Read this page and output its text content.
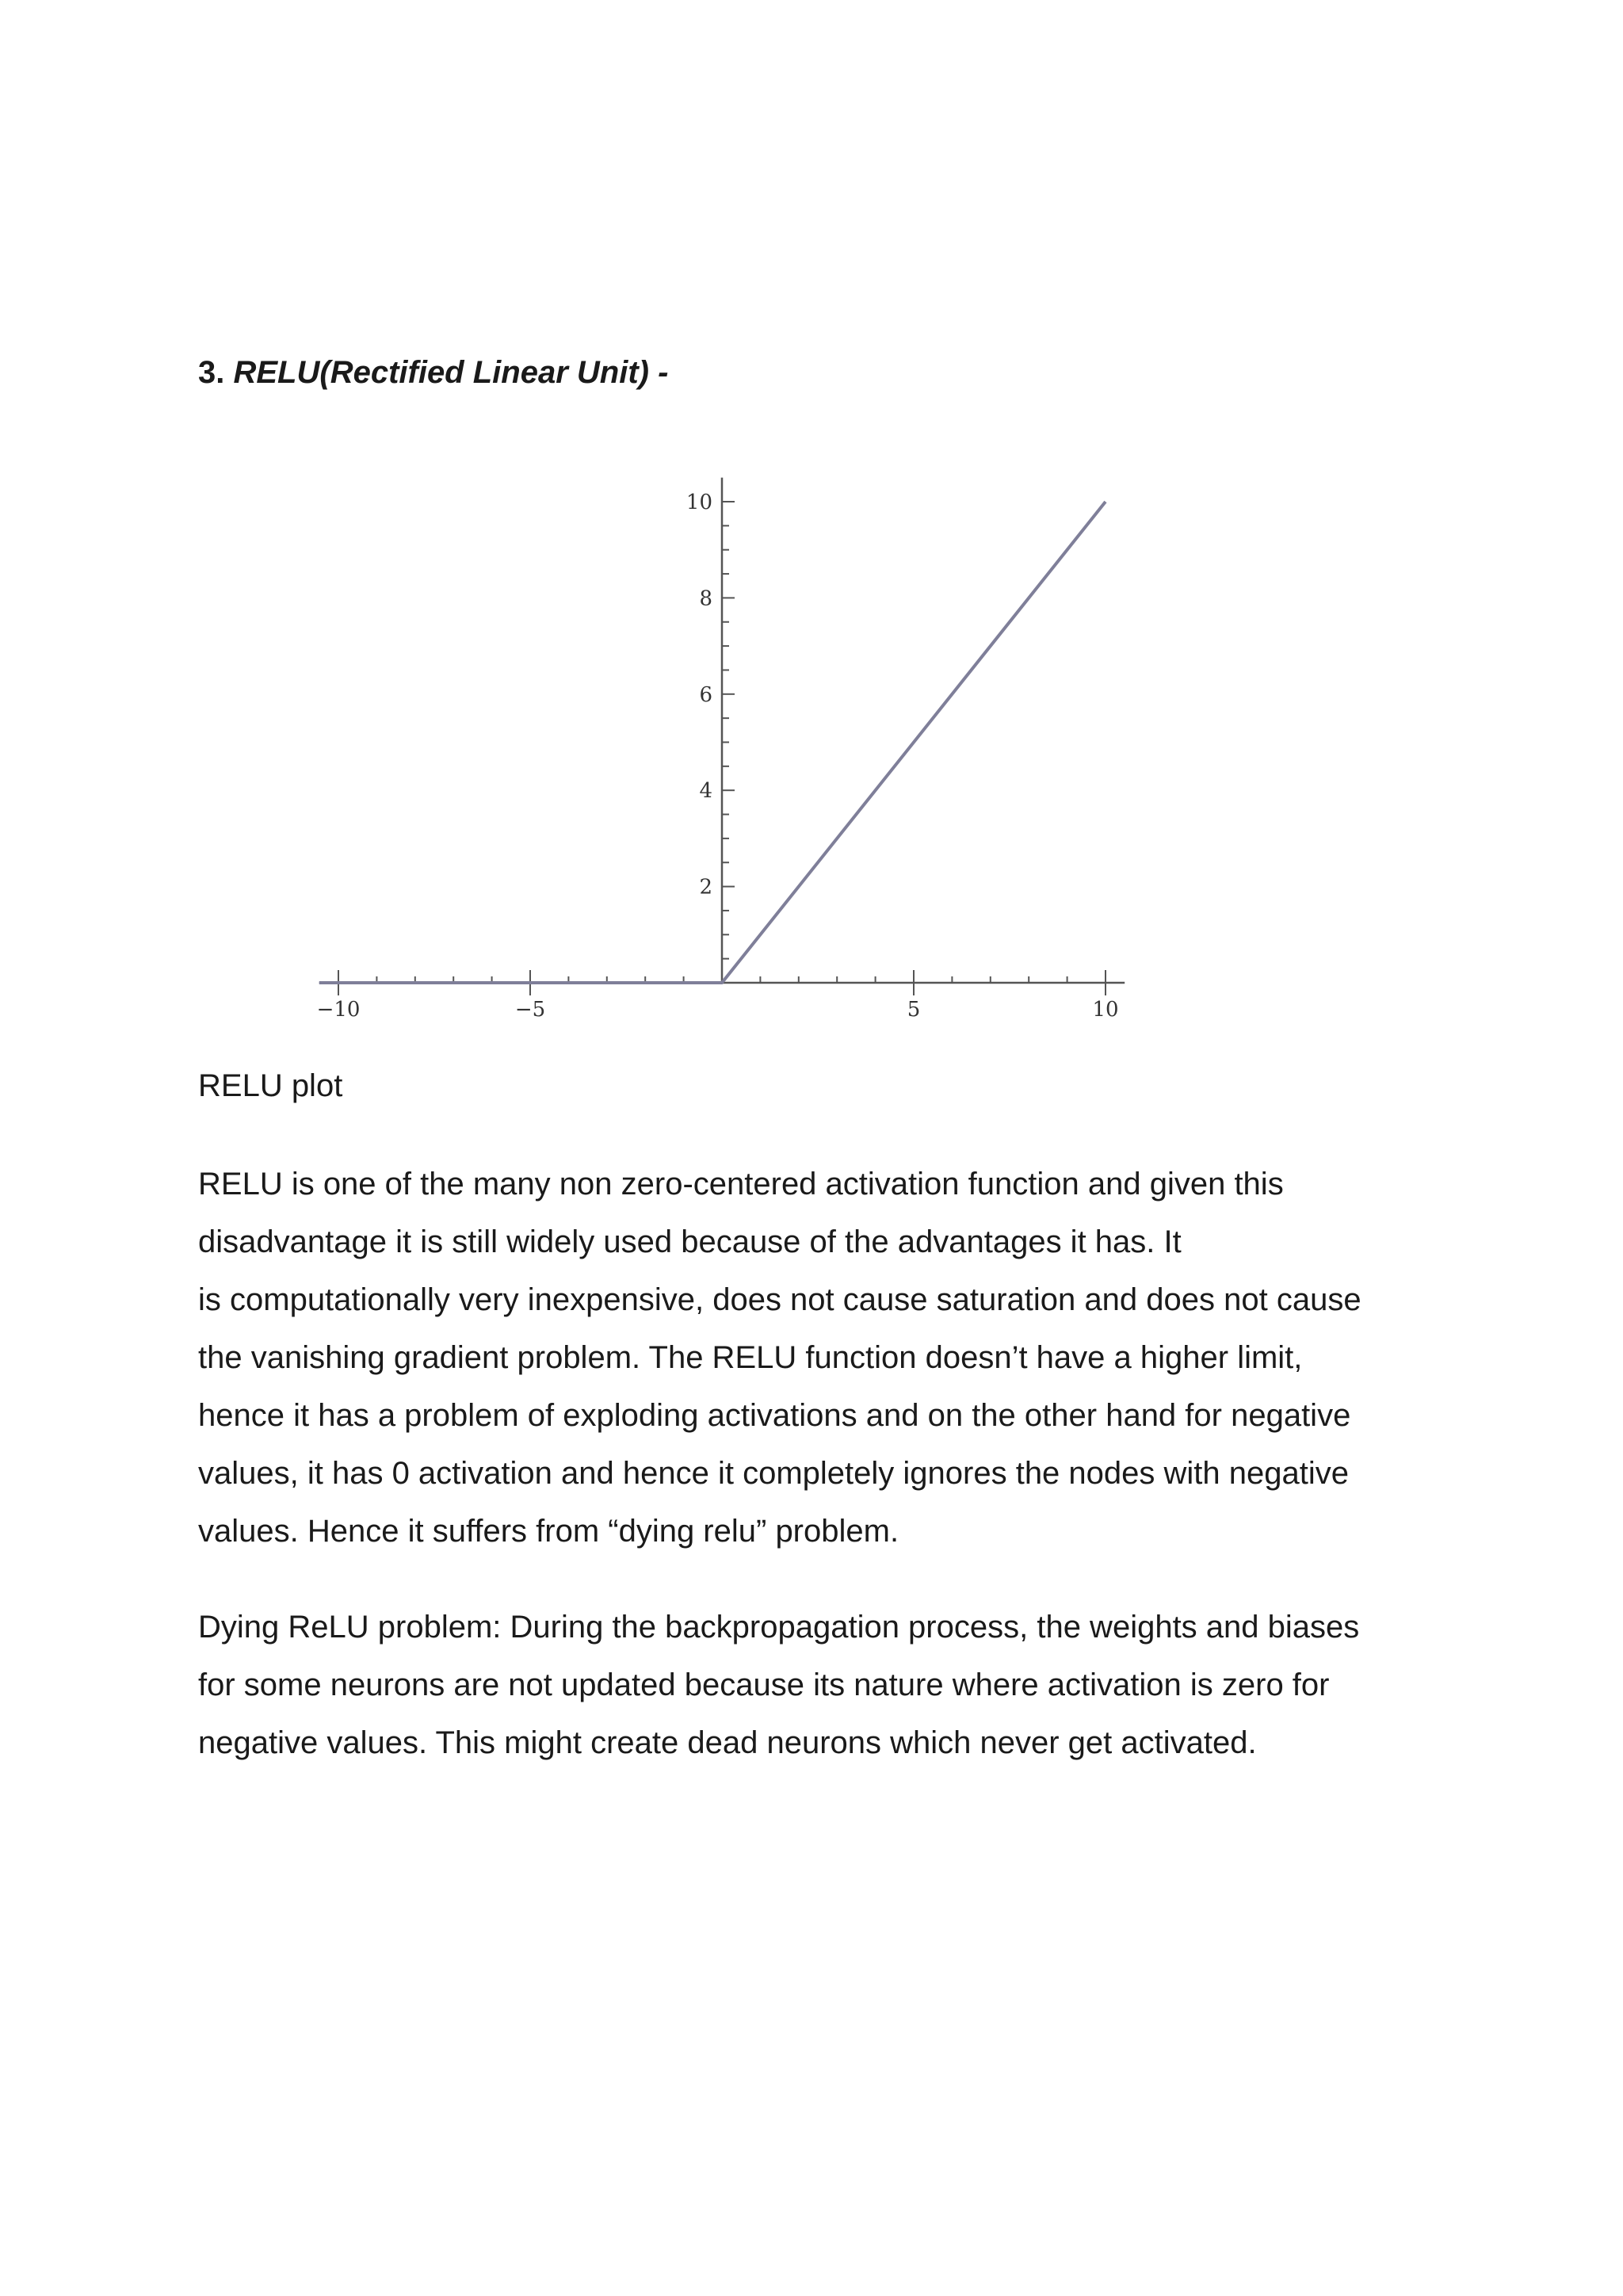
3. RELU(Rectified Linear Unit) -
−10	−5	5	10
2
4
6
8
10

RELU plot

RELU is one of the many non zero-centered activation function and given this
disadvantage it is still widely used because of the advantages it has. It
is computationally very inexpensive, does not cause saturation and does not cause
the vanishing gradient problem. The RELU function doesn’t have a higher limit,
hence it has a problem of exploding activations and on the other hand for negative
values, it has 0 activation and hence it completely ignores the nodes with negative
values. Hence it suffers from “dying relu” problem.

Dying ReLU problem: During the backpropagation process, the weights and biases
for some neurons are not updated because its nature where activation is zero for
negative values. This might create dead neurons which never get activated.
